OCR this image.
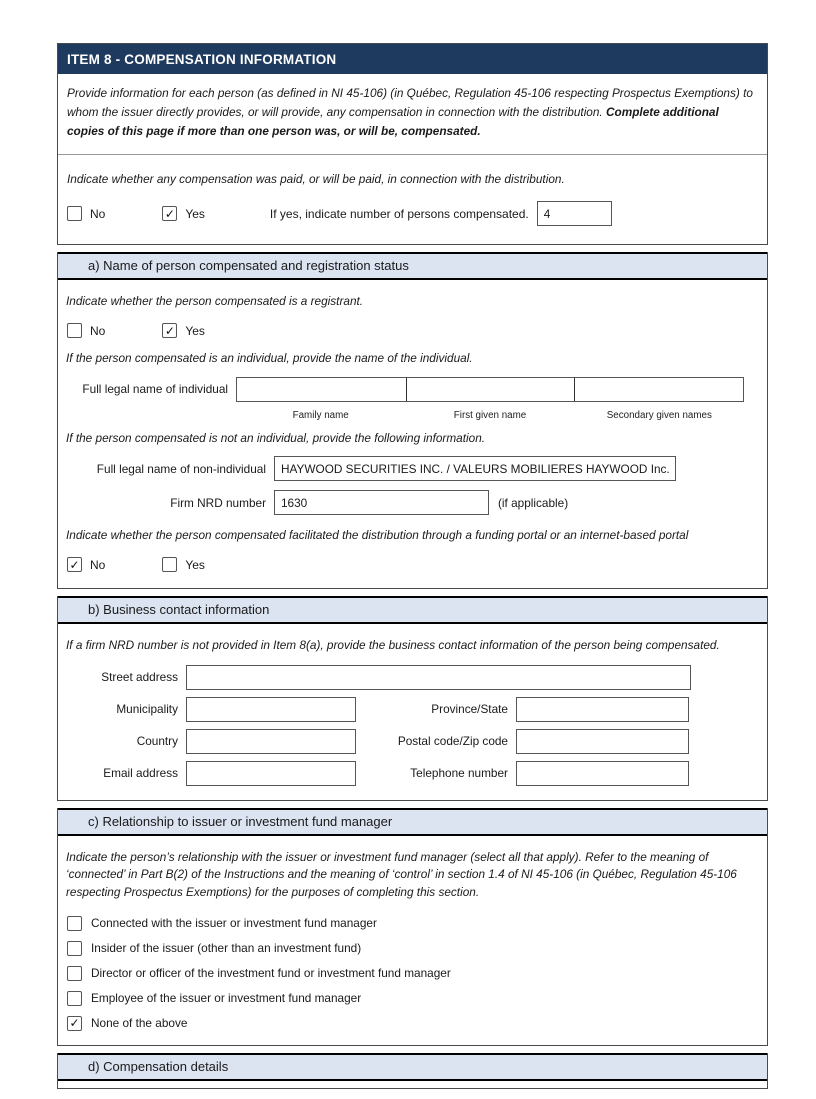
ITEM 8 - COMPENSATION INFORMATION
Provide information for each person (as defined in NI 45-106) (in Québec, Regulation 45-106 respecting Prospectus Exemptions) to whom the issuer directly provides, or will provide, any compensation in connection with the distribution. Complete additional copies of this page if more than one person was, or will be, compensated.
Indicate whether any compensation was paid, or will be paid, in connection with the distribution.
No	✓ Yes	If yes, indicate number of persons compensated.
4
a) Name of person compensated and registration status
Indicate whether the person compensated is a registrant.
No	✓ Yes
If the person compensated is an individual, provide the name of the individual.
Full legal name of individual
Family name	First given name	Secondary given names
If the person compensated is not an individual, provide the following information.
Full legal name of non-individual
HAYWOOD SECURITIES INC. / VALEURS MOBILIERES HAYWOOD Inc.
Firm NRD number
1630	(if applicable)
Indicate whether the person compensated facilitated the distribution through a funding portal or an internet-based portal
✓ No	Yes
b) Business contact information
If a firm NRD number is not provided in Item 8(a), provide the business contact information of the person being compensated.
Street address
Municipality	Province/State
Country	Postal code/Zip code
Email address	Telephone number
c) Relationship to issuer or investment fund manager
Indicate the person’s relationship with the issuer or investment fund manager (select all that apply). Refer to the meaning of ‘connected’ in Part B(2) of the Instructions and the meaning of ‘control’ in section 1.4 of NI 45-106 (in Québec, Regulation 45-106 respecting Prospectus Exemptions) for the purposes of completing this section.
Connected with the issuer or investment fund manager
Insider of the issuer (other than an investment fund)
Director or officer of the investment fund or investment fund manager
Employee of the issuer or investment fund manager
✓ None of the above
d) Compensation details
